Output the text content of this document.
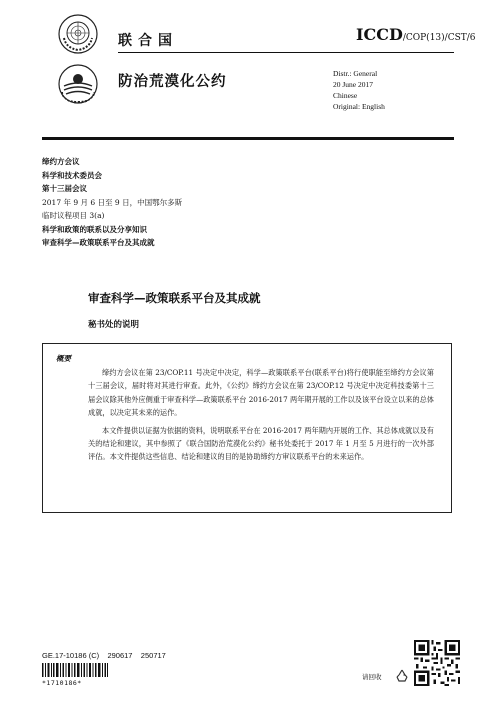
联合国	ICCD/COP(13)/CST/6
防治荒漠化公约
Distr.: General
20 June 2017
Chinese
Original: English
缔约方会议
科学和技术委员会
第十三届会议
2017 年 9 月 6 日至 9 日，中国鄂尔多斯
临时议程项目 3(a)
科学和政策的联系以及分享知识
审查科学—政策联系平台及其成就
审查科学—政策联系平台及其成就
秘书处的说明
概要

缔约方会议在第 23/COP.11 号决定中决定，科学—政策联系平台(联系平台)将行使职能至缔约方会议第十三届会议，届时将对其进行审查。此外，《公约》缔约方会议在第 23/COP.12 号决定中决定科技委第十三届会议除其他外应侧重于审查科学—政策联系平台 2016-2017 两年期开展的工作以及该平台设立以来的总体成就，以决定其未来的运作。

本文件提供以证据为依据的资料，说明联系平台在 2016-2017 两年期内开展的工作、其总体成就以及有关的结论和建议，其中参照了《联合国防治荒漠化公约》秘书处委托于 2017 年 1 月至 5 月进行的一次外部评估。本文件提供这些信息、结论和建议的目的是协助缔约方审议联系平台的未来运作。

GE.17-10186 (C)    290617    250717
*1710186*
请回收
